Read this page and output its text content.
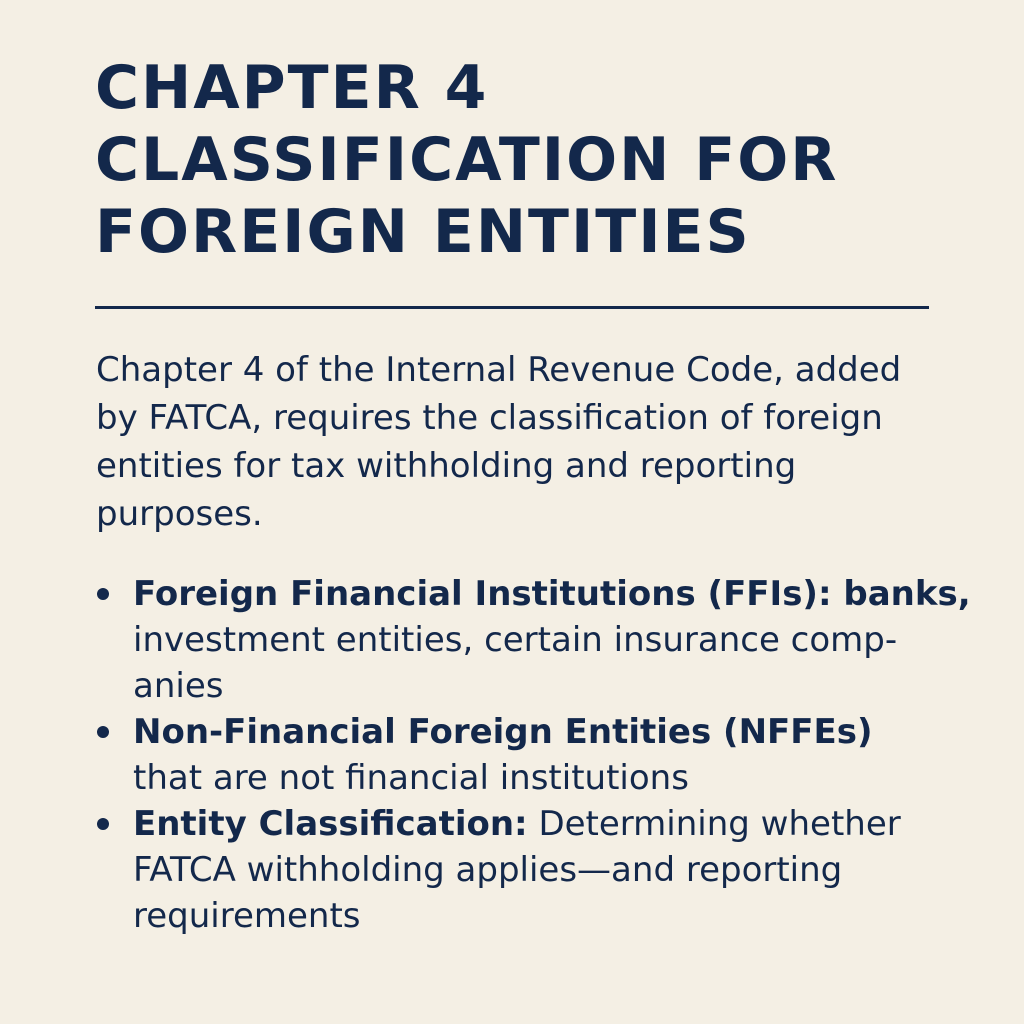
CHAPTER 4
CLASSIFICATION FOR
FOREIGN ENTITIES

Chapter 4 of the Internal Revenue Code, added
by FATCA, requires the classification of foreign
entities for tax withholding and reporting
purposes.

Foreign Financial Institutions (FFIs): banks,
investment entities, certain insurance comp-
anies
Non-Financial Foreign Entities (NFFEs)
that are not financial institutions
Entity Classification: Determining whether
FATCA withholding applies—and reporting
requirements
